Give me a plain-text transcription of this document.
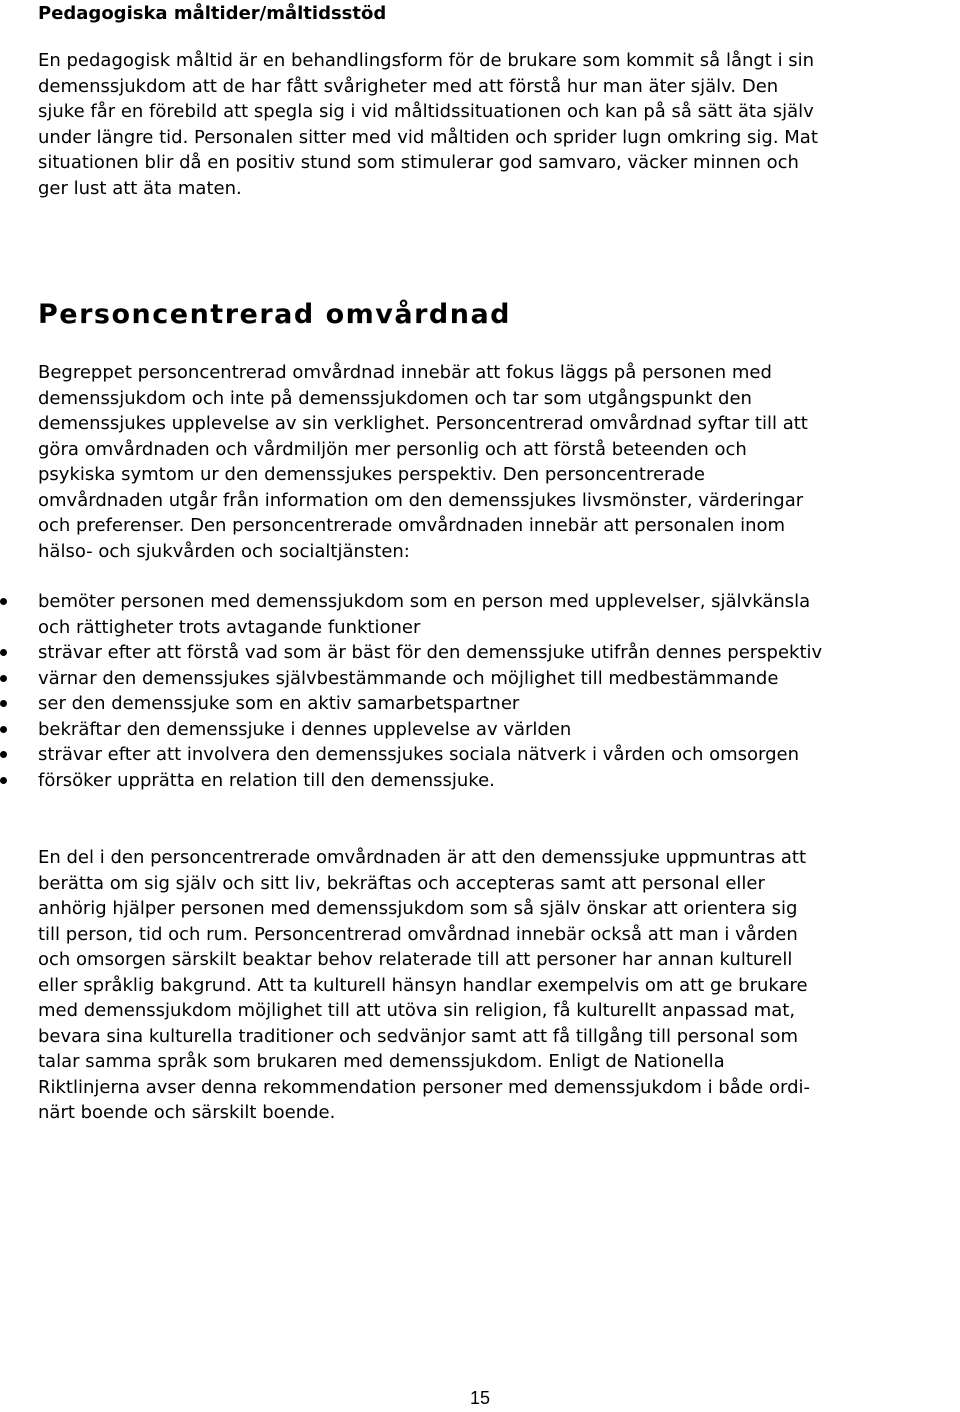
Pedagogiska måltider/måltidsstöd

En pedagogisk måltid är en behandlingsform för de brukare som kommit så långt i sin
demenssjukdom att de har fått svårigheter med att förstå hur man äter själv. Den
sjuke får en förebild att spegla sig i vid måltidssituationen och kan på så sätt äta själv
under längre tid. Personalen sitter med vid måltiden och sprider lugn omkring sig. Mat
situationen blir då en positiv stund som stimulerar god samvaro, väcker minnen och
ger lust att äta maten.

Personcentrerad omvårdnad

Begreppet personcentrerad omvårdnad innebär att fokus läggs på personen med
demenssjukdom och inte på demenssjukdomen och tar som utgångspunkt den
demenssjukes upplevelse av sin verklighet. Personcentrerad omvårdnad syftar till att
göra omvårdnaden och vårdmiljön mer personlig och att förstå beteenden och
psykiska symtom ur den demenssjukes perspektiv. Den personcentrerade
omvårdnaden utgår från information om den demenssjukes livsmönster, värderingar
och preferenser. Den personcentrerade omvårdnaden innebär att personalen inom
hälso- och sjukvården och socialtjänsten:

bemöter personen med demenssjukdom som en person med upplevelser, självkänsla
och rättigheter trots avtagande funktioner
strävar efter att förstå vad som är bäst för den demenssjuke utifrån dennes perspektiv
värnar den demenssjukes självbestämmande och möjlighet till medbestämmande
ser den demenssjuke som en aktiv samarbetspartner
bekräftar den demenssjuke i dennes upplevelse av världen
strävar efter att involvera den demenssjukes sociala nätverk i vården och omsorgen
försöker upprätta en relation till den demenssjuke.

En del i den personcentrerade omvårdnaden är att den demenssjuke uppmuntras att
berätta om sig själv och sitt liv, bekräftas och accepteras samt att personal eller
anhörig hjälper personen med demenssjukdom som så själv önskar att orientera sig
till person, tid och rum. Personcentrerad omvårdnad innebär också att man i vården
och omsorgen särskilt beaktar behov relaterade till att personer har annan kulturell
eller språklig bakgrund. Att ta kulturell hänsyn handlar exempelvis om att ge brukare
med demenssjukdom möjlighet till att utöva sin religion, få kulturellt anpassad mat,
bevara sina kulturella traditioner och sedvänjor samt att få tillgång till personal som
talar samma språk som brukaren med demenssjukdom. Enligt de Nationella
Riktlinjerna avser denna rekommendation personer med demenssjukdom i både ordi-
närt boende och särskilt boende.

15
